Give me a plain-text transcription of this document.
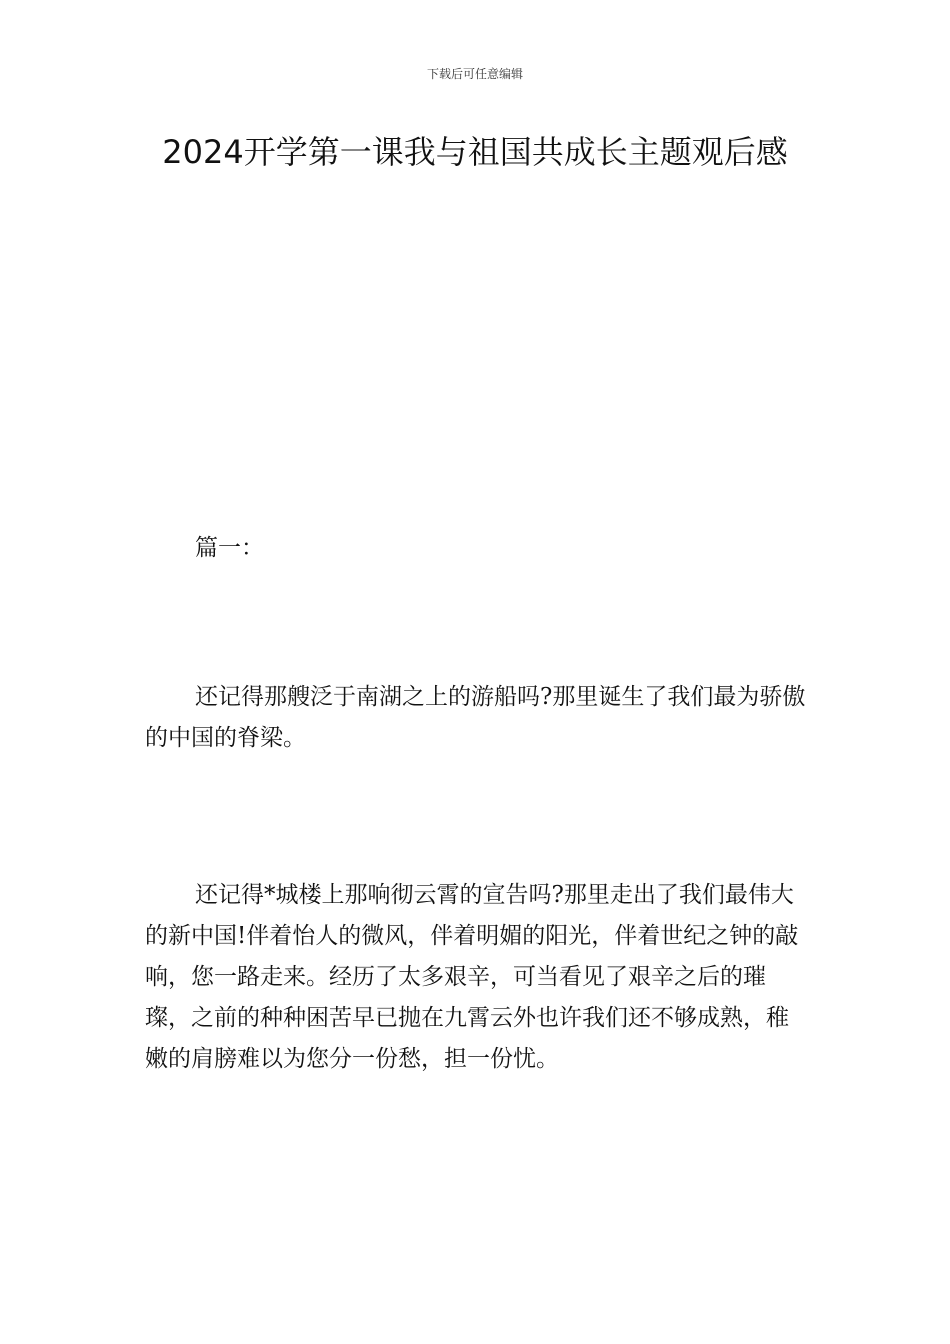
下载后可任意编辑
2024开学第一课我与祖国共成长主题观后感

篇一：

还记得那艘泛于南湖之上的游船吗?那里诞生了我们最为骄傲的中国的脊梁。

还记得*城楼上那响彻云霄的宣告吗?那里走出了我们最伟大的新中国!伴着怡人的微风，伴着明媚的阳光，伴着世纪之钟的敲响，您一路走来。经历了太多艰辛，可当看见了艰辛之后的璀璨，之前的种种困苦早已抛在九霄云外也许我们还不够成熟，稚嫩的肩膀难以为您分一份愁，担一份忧。
